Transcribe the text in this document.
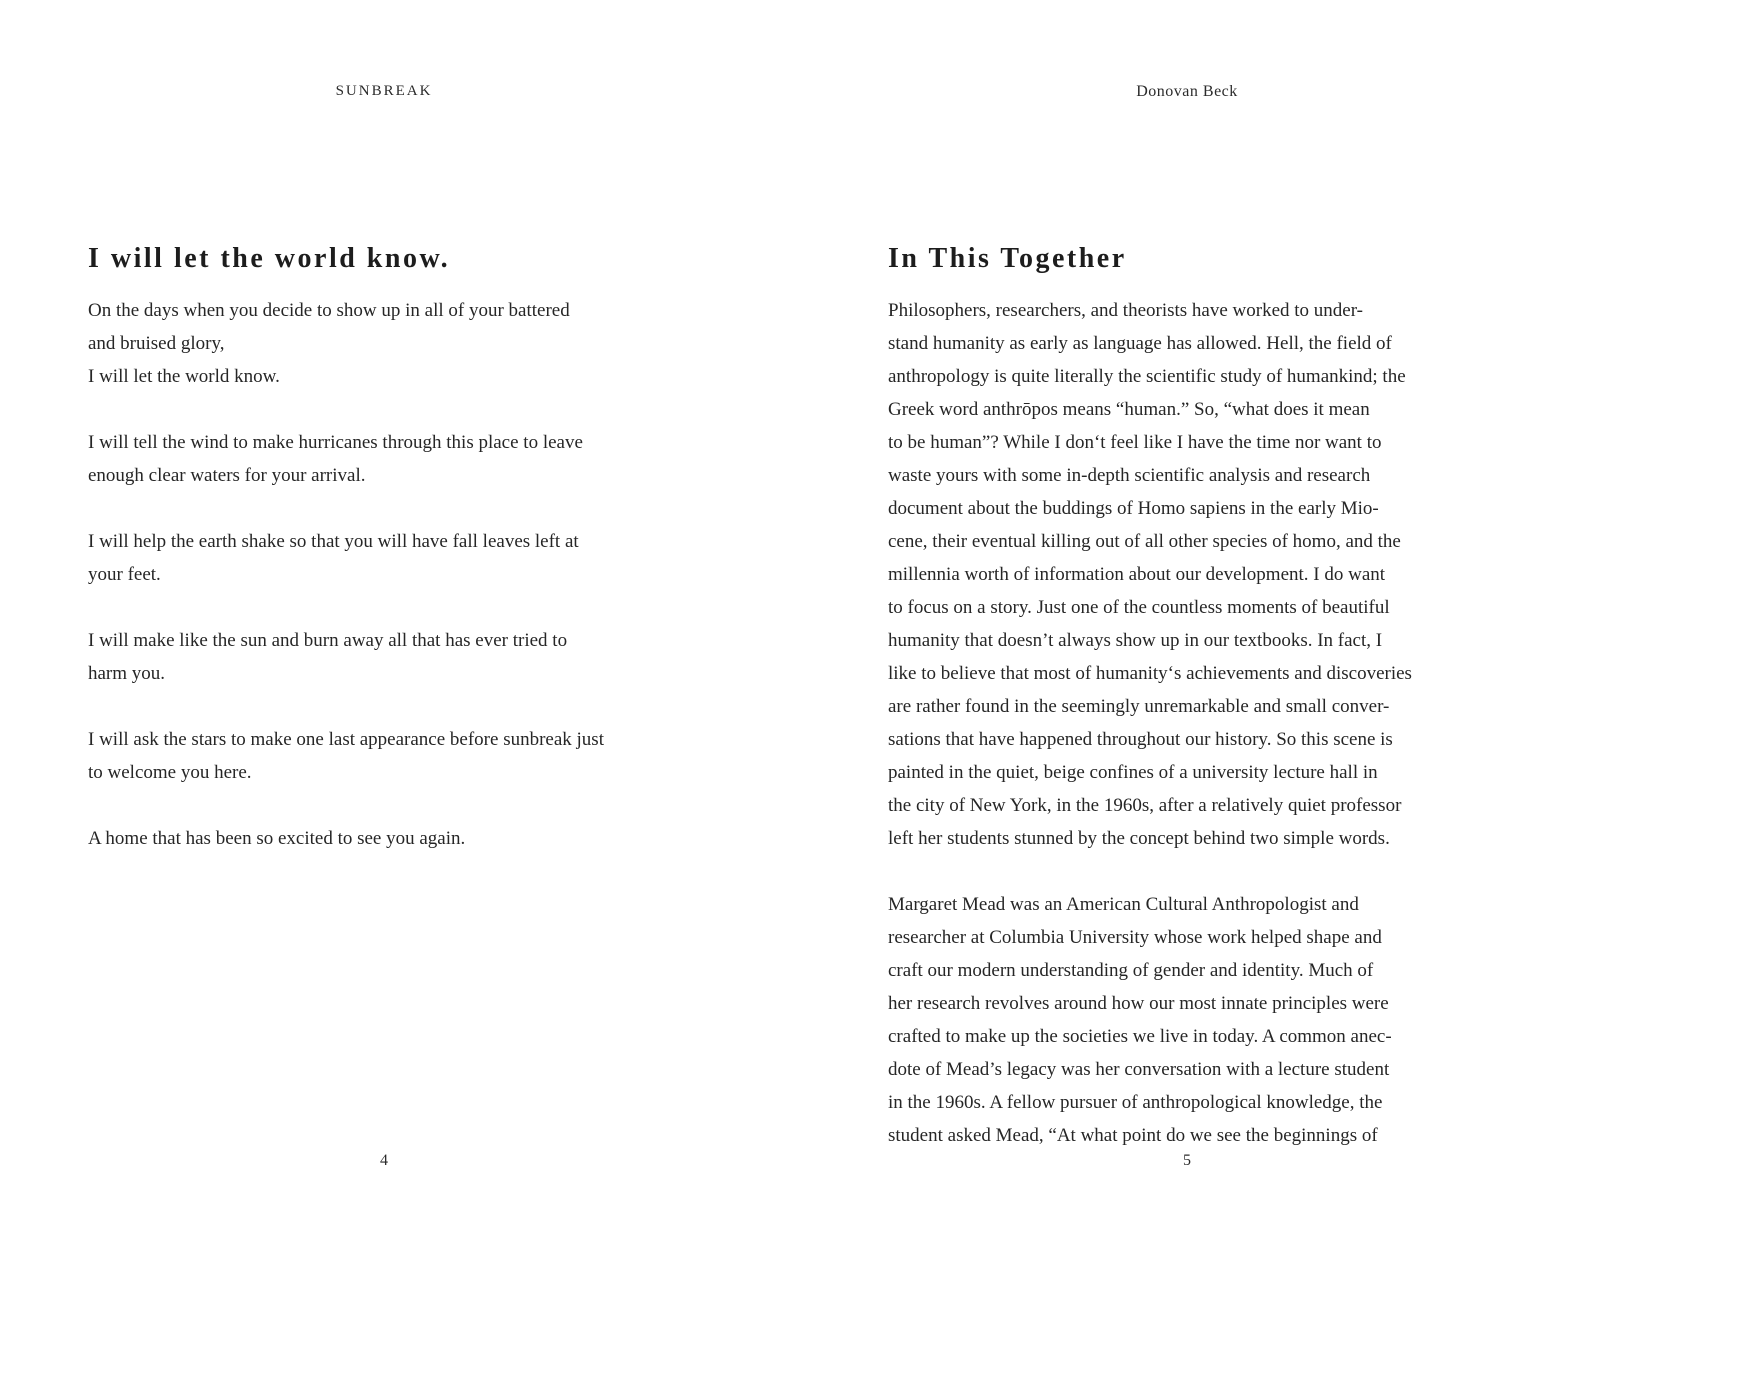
SUNBREAK
I will let the world know.
On the days when you decide to show up in all of your battered
and bruised glory,
I will let the world know.
I will tell the wind to make hurricanes through this place to leave
enough clear waters for your arrival.
I will help the earth shake so that you will have fall leaves left at
your feet.
I will make like the sun and burn away all that has ever tried to
harm you.
I will ask the stars to make one last appearance before sunbreak just
to welcome you here.
A home that has been so excited to see you again.
4
Donovan Beck
In This Together
Philosophers, researchers, and theorists have worked to under-
stand humanity as early as language has allowed. Hell, the field of
anthropology is quite literally the scientific study of humankind; the
Greek word anthrōpos means “human.” So, “what does it mean
to be human”? While I don‘t feel like I have the time nor want to
waste yours with some in-depth scientific analysis and research
document about the buddings of Homo sapiens in the early Mio-
cene, their eventual killing out of all other species of homo, and the
millennia worth of information about our development. I do want
to focus on a story. Just one of the countless moments of beautiful
humanity that doesn’t always show up in our textbooks. In fact, I
like to believe that most of humanity‘s achievements and discoveries
are rather found in the seemingly unremarkable and small conver-
sations that have happened throughout our history. So this scene is
painted in the quiet, beige confines of a university lecture hall in
the city of New York, in the 1960s, after a relatively quiet professor
left her students stunned by the concept behind two simple words.
Margaret Mead was an American Cultural Anthropologist and
researcher at Columbia University whose work helped shape and
craft our modern understanding of gender and identity. Much of
her research revolves around how our most innate principles were
crafted to make up the societies we live in today. A common anec-
dote of Mead’s legacy was her conversation with a lecture student
in the 1960s. A fellow pursuer of anthropological knowledge, the
student asked Mead, “At what point do we see the beginnings of
5
